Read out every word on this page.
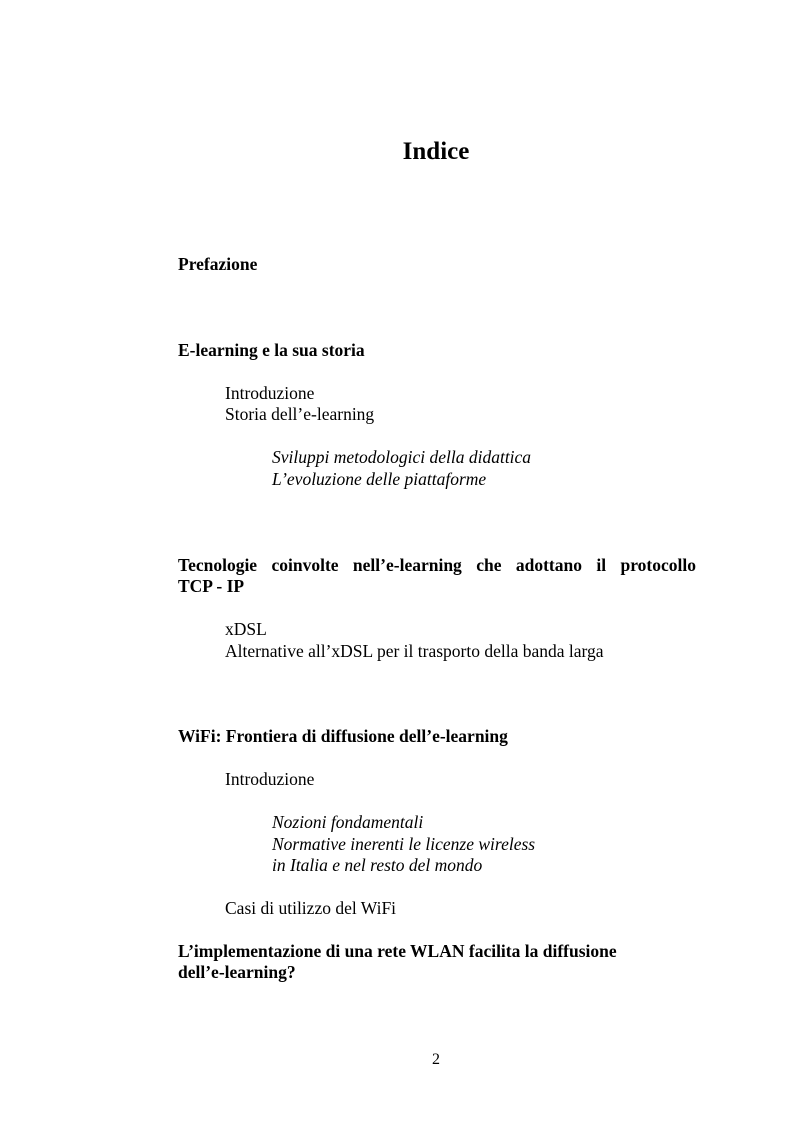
Indice
Prefazione
E-learning e la sua storia
Introduzione
Storia dell’e-learning
Sviluppi metodologici della didattica
L’evoluzione delle piattaforme
Tecnologie coinvolte nell’e-learning che adottano il protocollo
TCP - IP
xDSL
Alternative all’xDSL per il trasporto della banda larga
WiFi: Frontiera di diffusione dell’e-learning
Introduzione
Nozioni fondamentali
Normative inerenti le licenze wireless
in Italia e nel resto del mondo
Casi di utilizzo del WiFi
L’implementazione di una rete WLAN facilita la diffusione
dell’e-learning?
2
